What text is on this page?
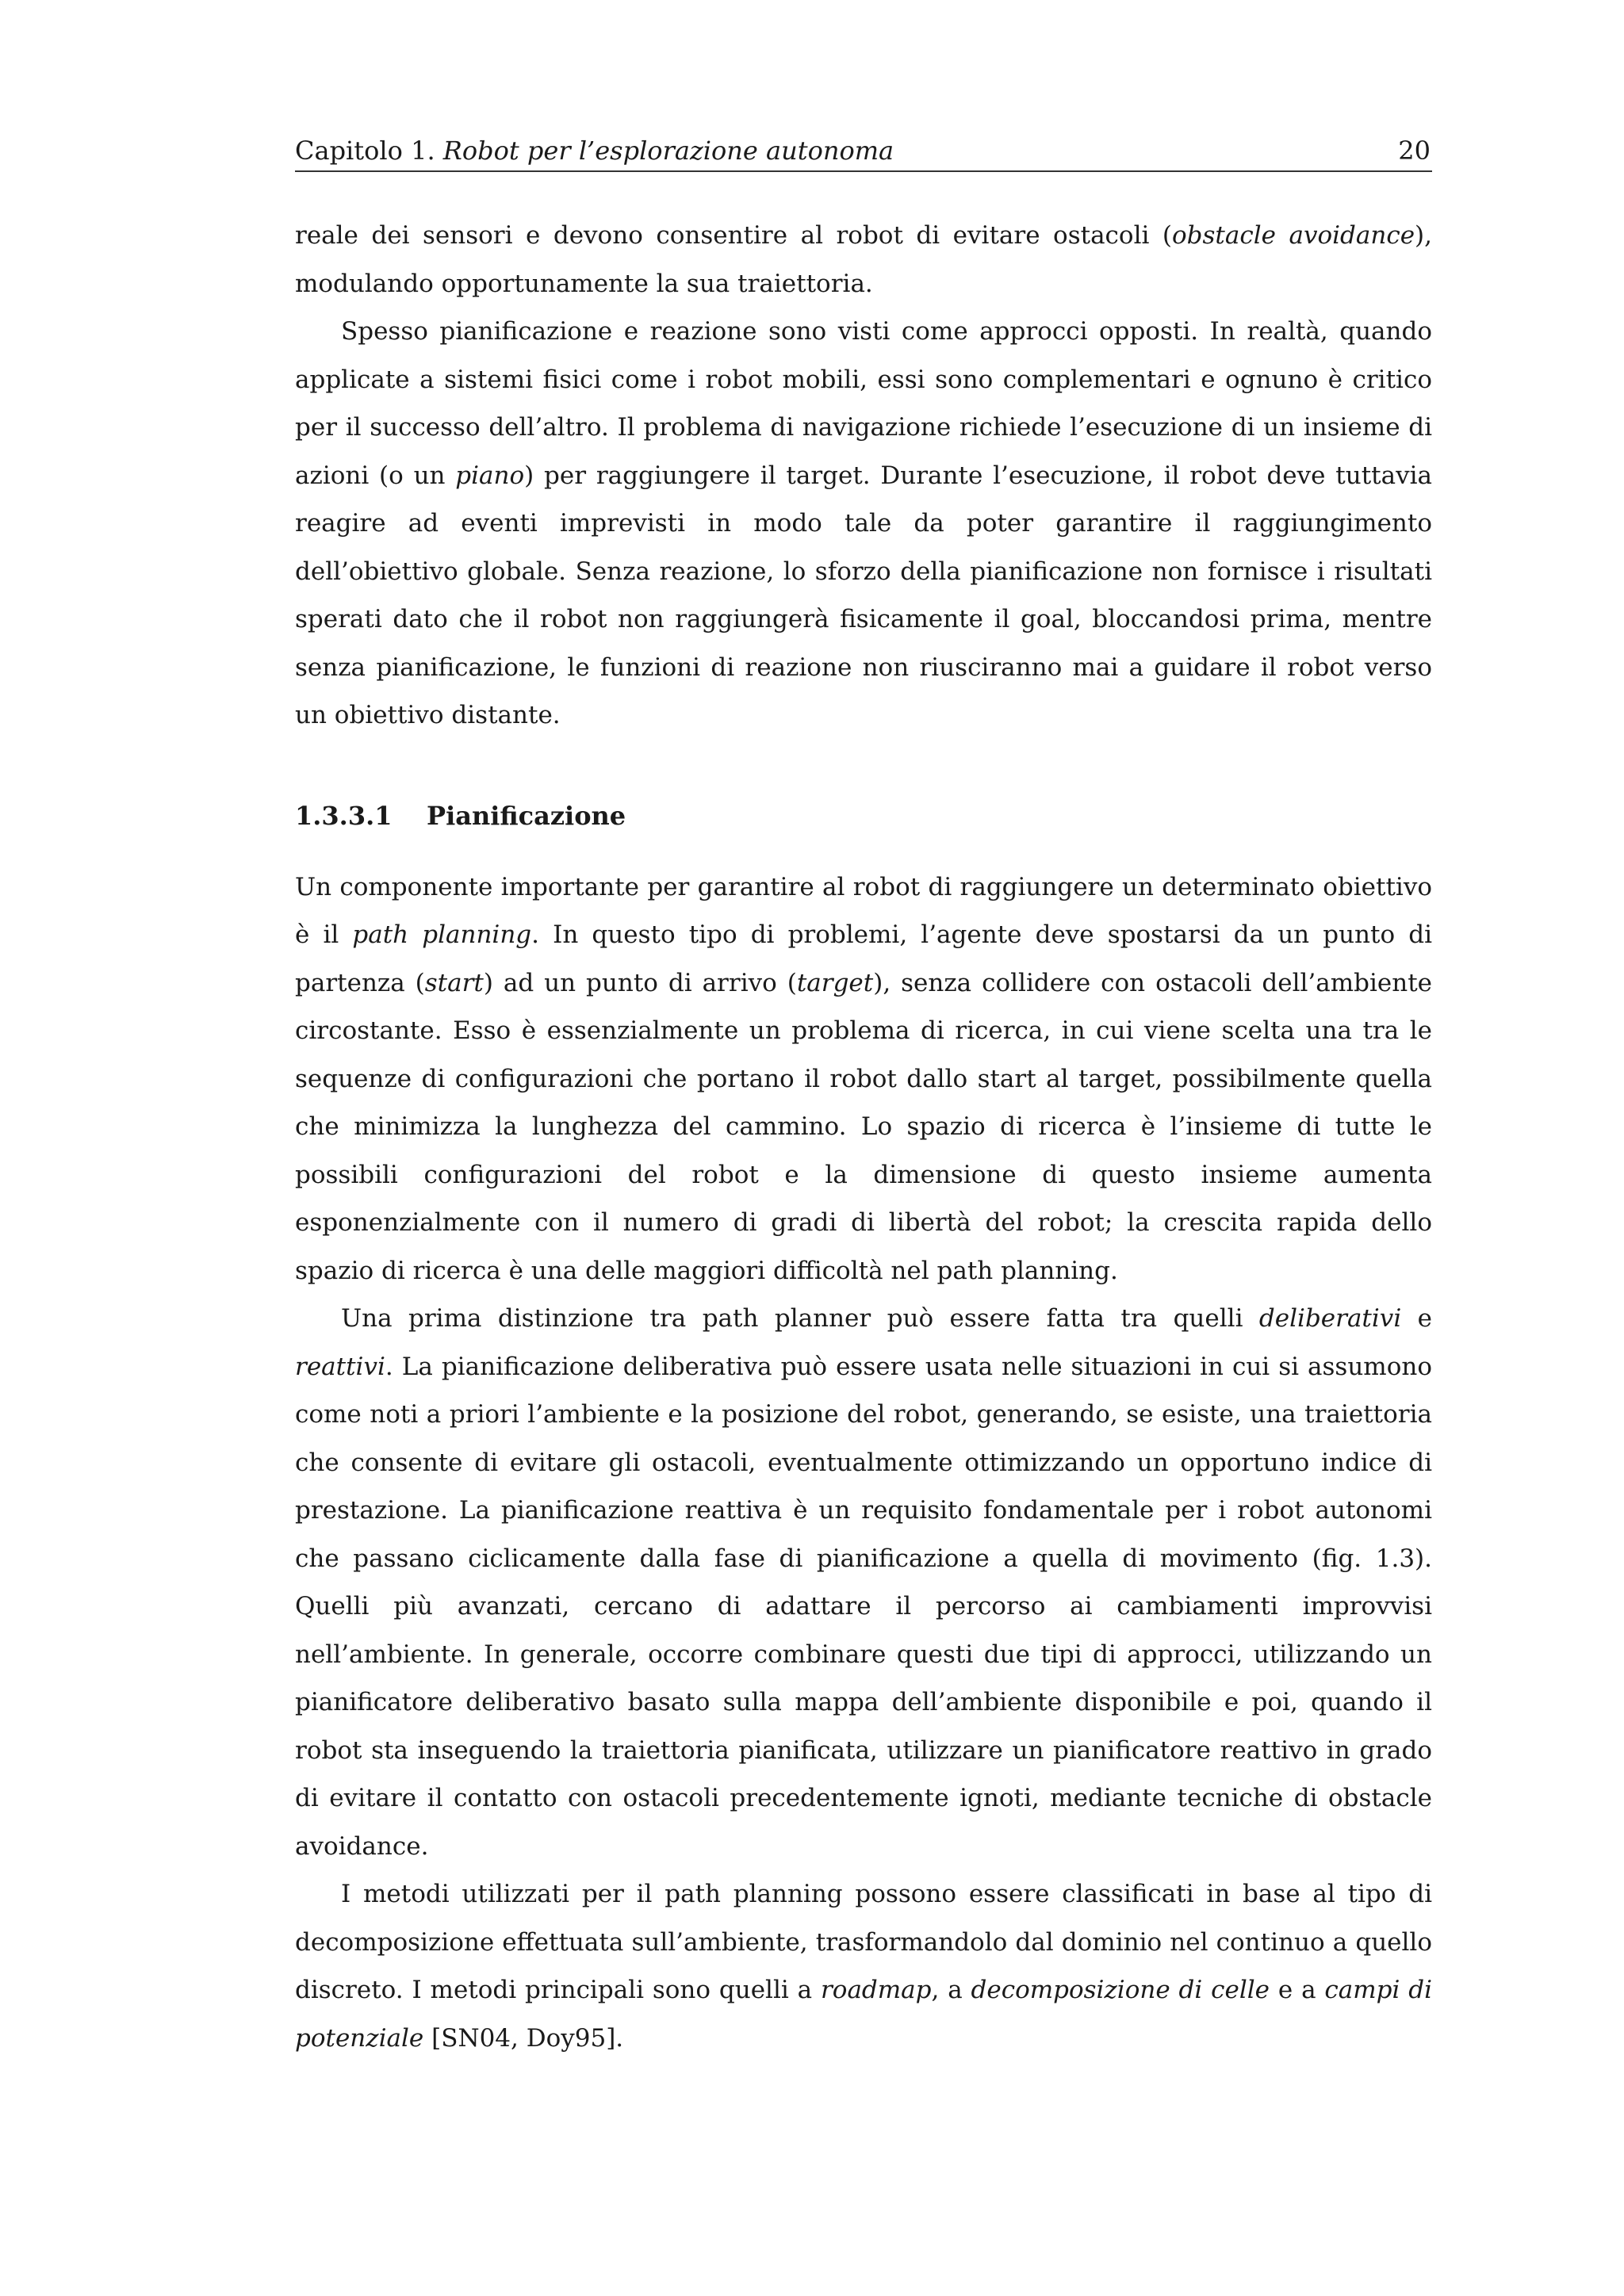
Capitolo 1. Robot per l’esplorazione autonoma	20

reale dei sensori e devono consentire al robot di evitare ostacoli (obstacle avoidance), modulando opportunamente la sua traiettoria.

Spesso pianificazione e reazione sono visti come approcci opposti. In realtà, quando applicate a sistemi fisici come i robot mobili, essi sono complementari e ognuno è critico per il successo dell’altro. Il problema di navigazione richiede l’esecuzione di un insieme di azioni (o un piano) per raggiungere il target. Durante l’esecuzione, il robot deve tuttavia reagire ad eventi imprevisti in modo tale da poter garantire il raggiungimento dell’obiettivo globale. Senza reazione, lo sforzo della pianificazione non fornisce i risultati sperati dato che il robot non raggiungerà fisicamente il goal, bloccandosi prima, mentre senza pianificazione, le funzioni di reazione non riusciranno mai a guidare il robot verso un obiettivo distante.

1.3.3.1 Pianificazione

Un componente importante per garantire al robot di raggiungere un determinato obiettivo è il path planning. In questo tipo di problemi, l’agente deve spostarsi da un punto di partenza (start) ad un punto di arrivo (target), senza collidere con ostacoli dell’ambiente circostante. Esso è essenzialmente un problema di ricerca, in cui viene scelta una tra le sequenze di configurazioni che portano il robot dallo start al target, possibilmente quella che minimizza la lunghezza del cammino. Lo spazio di ricerca è l’insieme di tutte le possibili configurazioni del robot e la dimensione di questo insieme aumenta esponenzialmente con il numero di gradi di libertà del robot; la crescita rapida dello spazio di ricerca è una delle maggiori difficoltà nel path planning.

Una prima distinzione tra path planner può essere fatta tra quelli deliberativi e reattivi. La pianificazione deliberativa può essere usata nelle situazioni in cui si assumono come noti a priori l’ambiente e la posizione del robot, generando, se esiste, una traiettoria che consente di evitare gli ostacoli, eventualmente ottimizzando un opportuno indice di prestazione. La pianificazione reattiva è un requisito fondamentale per i robot autonomi che passano ciclicamente dalla fase di pianificazione a quella di movimento (fig. 1.3). Quelli più avanzati, cercano di adattare il percorso ai cambiamenti improvvisi nell’ambiente. In generale, occorre combinare questi due tipi di approcci, utilizzando un pianificatore deliberativo basato sulla mappa dell’ambiente disponibile e poi, quando il robot sta inseguendo la traiettoria pianificata, utilizzare un pianificatore reattivo in grado di evitare il contatto con ostacoli precedentemente ignoti, mediante tecniche di obstacle avoidance.

I metodi utilizzati per il path planning possono essere classificati in base al tipo di decomposizione effettuata sull’ambiente, trasformandolo dal dominio nel continuo a quello discreto. I metodi principali sono quelli a roadmap, a decomposizione di celle e a campi di potenziale [SN04, Doy95].
